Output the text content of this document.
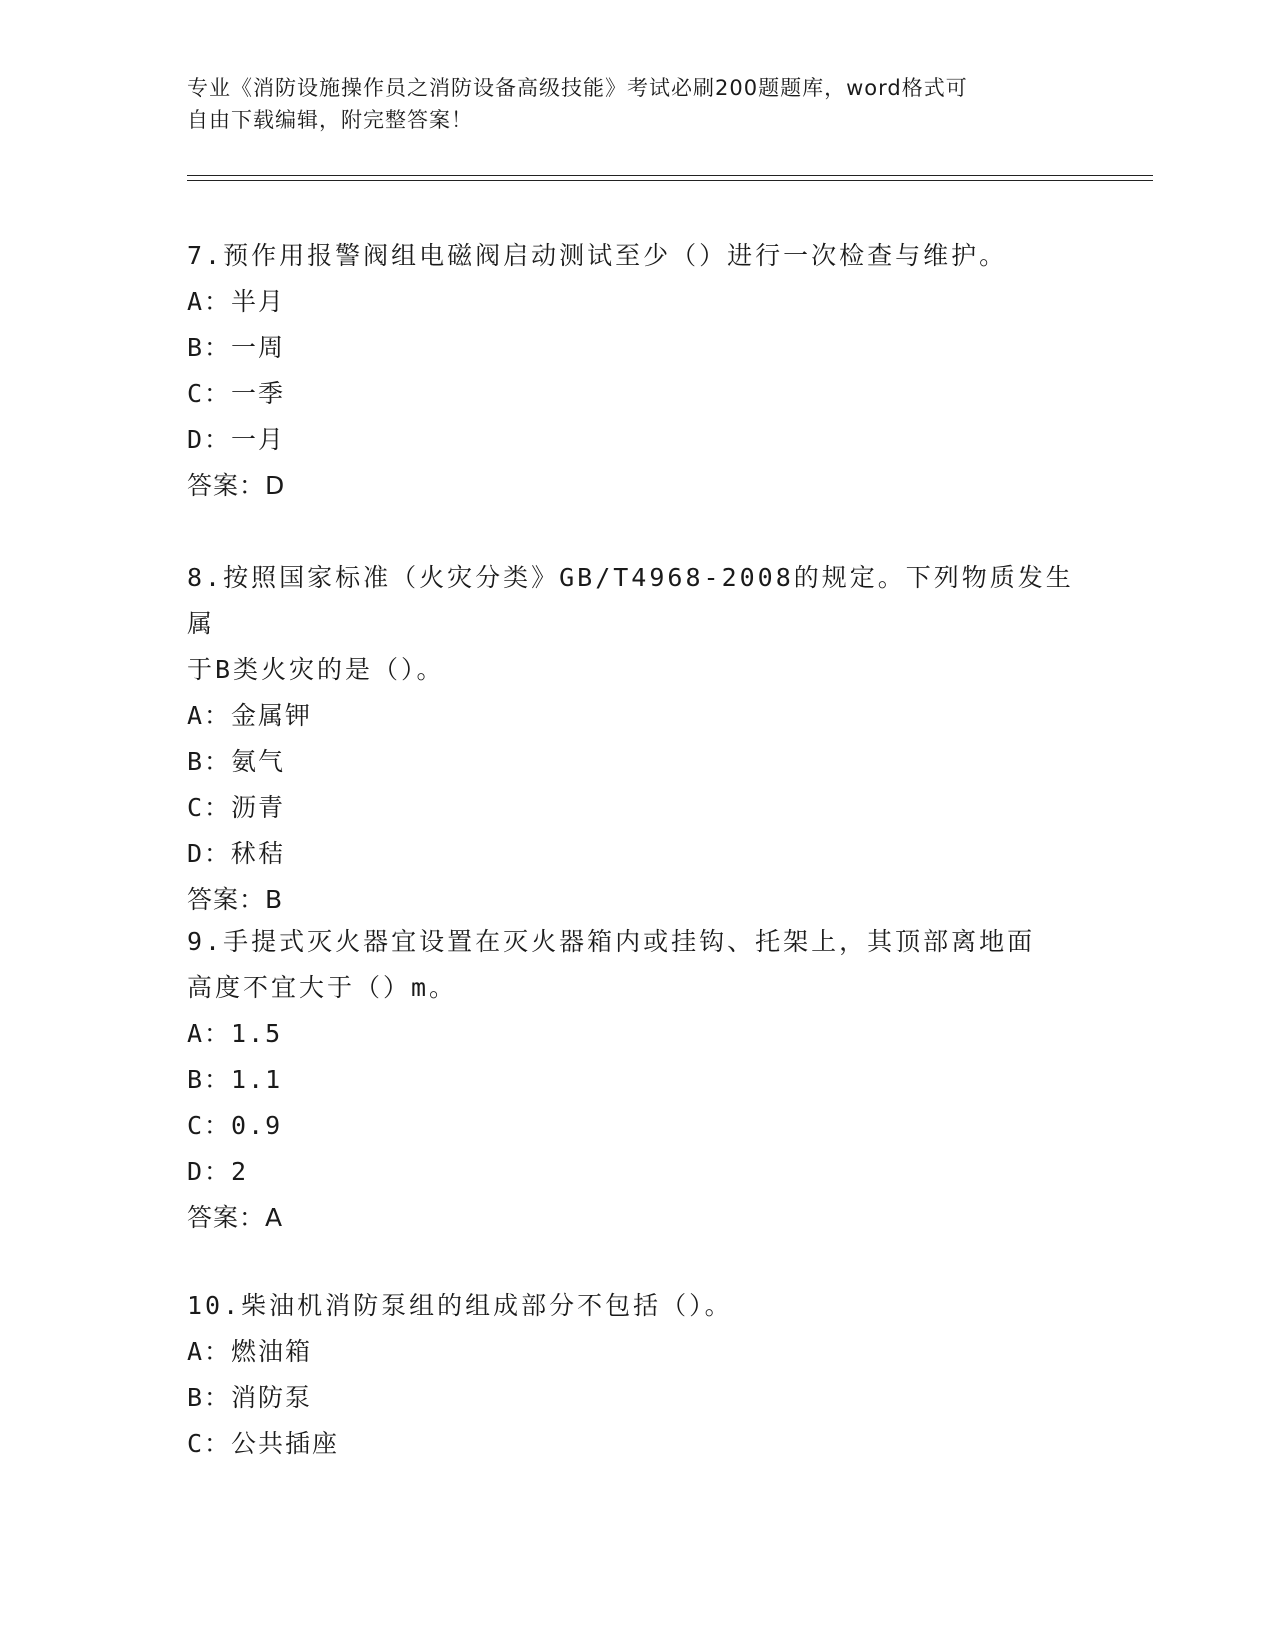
专业《消防设施操作员之消防设备高级技能》考试必刷200题题库，word格式可
自由下载编辑，附完整答案！
7.预作用报警阀组电磁阀启动测试至少（）进行一次检查与维护。
A：半月
B：一周
C：一季
D：一月
答案：D
8.按照国家标准（火灾分类》GB/T4968-2008的规定。下列物质发生属
于B类火灾的是（）。
A：金属钾
B：氨气
C：沥青
D：秫秸
答案：B
9.手提式灭火器宜设置在灭火器箱内或挂钩、托架上，其顶部离地面
高度不宜大于（）m。
A：1.5
B：1.1
C：0.9
D：2
答案：A
10.柴油机消防泵组的组成部分不包括（）。
A：燃油箱
B：消防泵
C：公共插座
